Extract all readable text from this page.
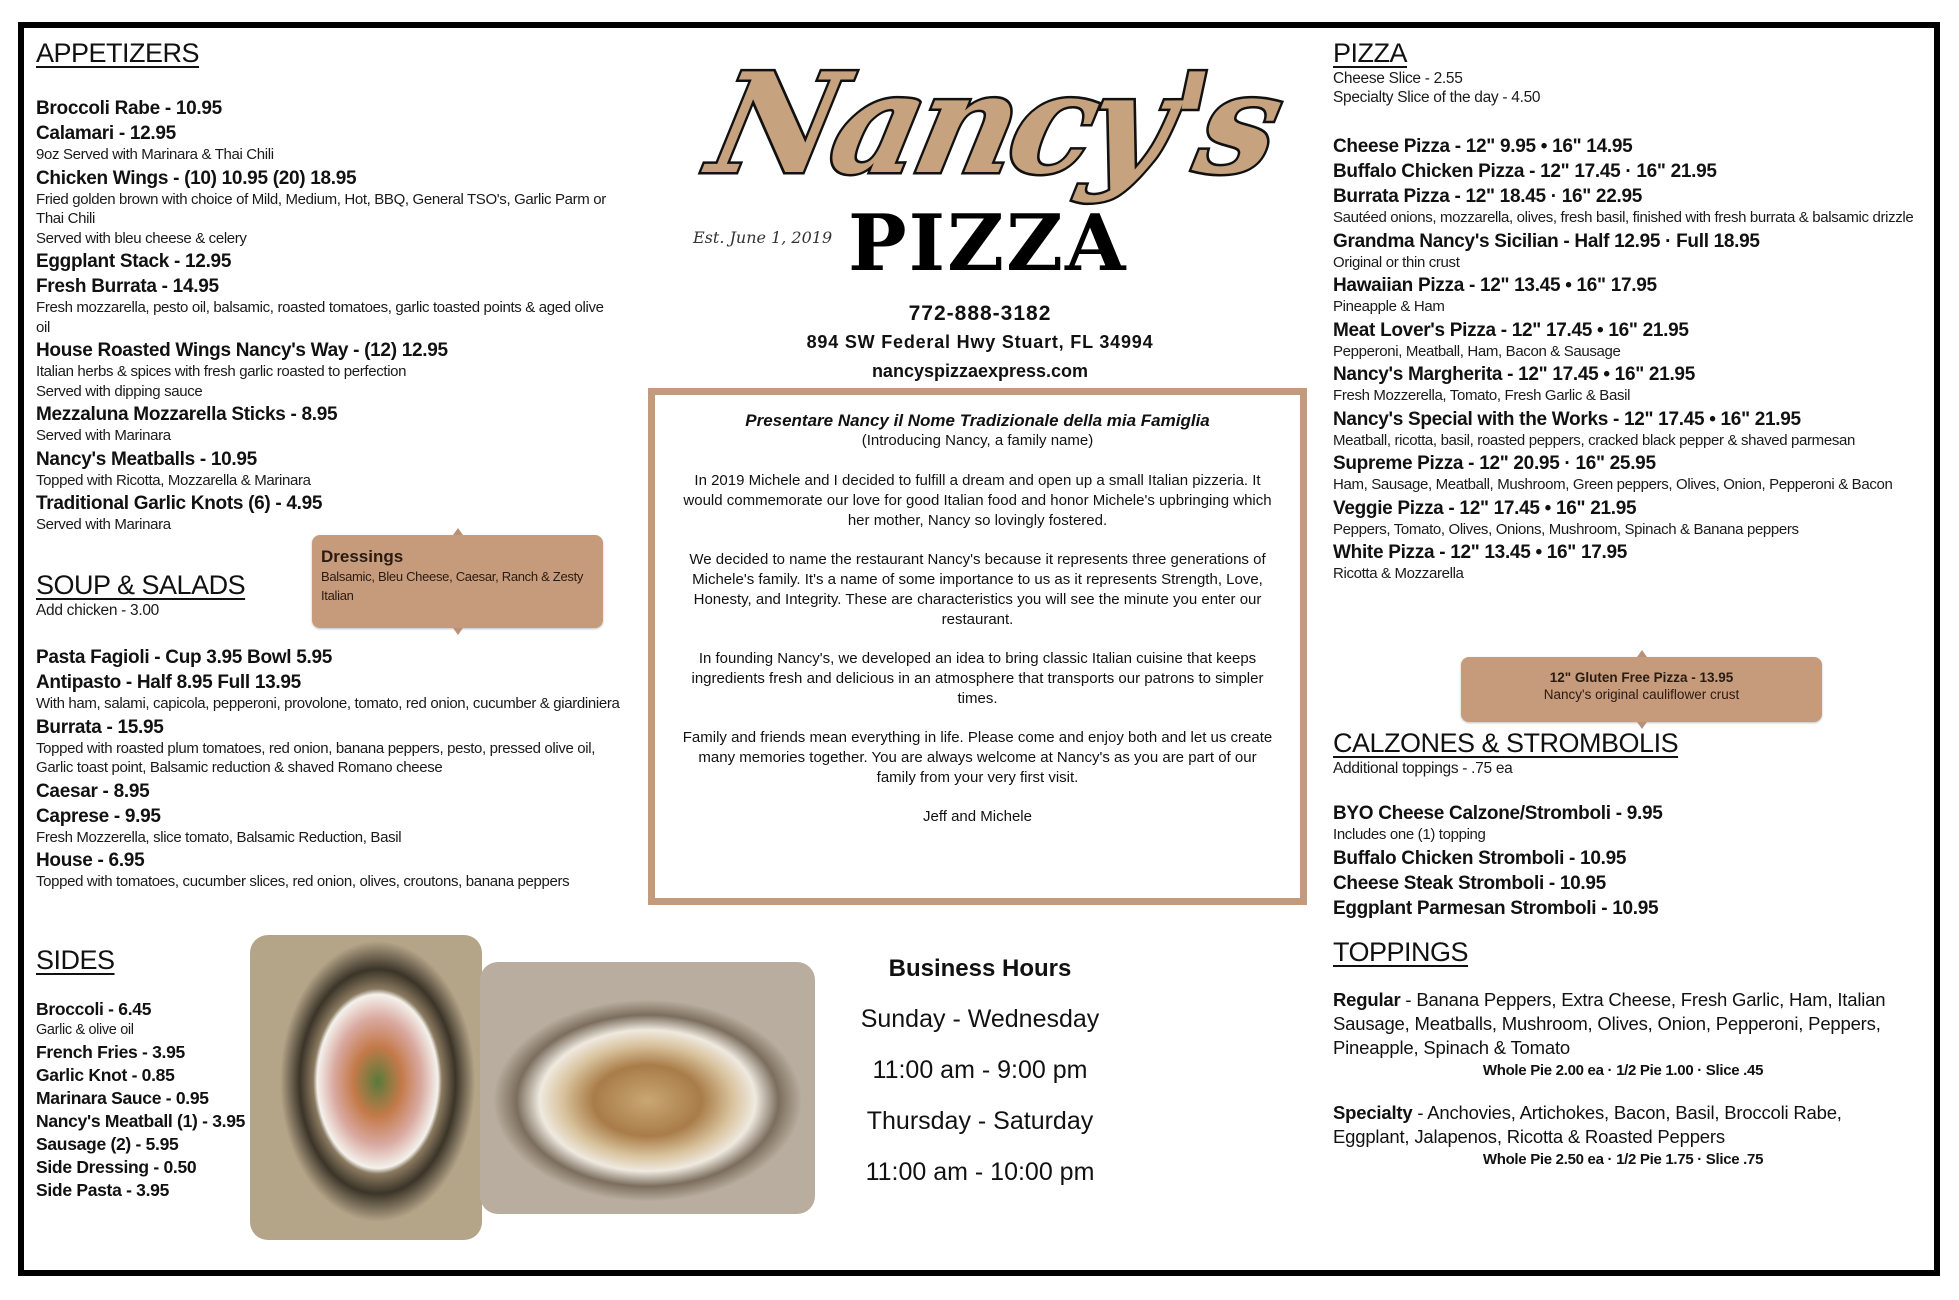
APPETIZERS
Broccoli Rabe - 10.95
Calamari - 12.95
9oz Served with Marinara & Thai Chili
Chicken Wings - (10) 10.95 (20) 18.95
Fried golden brown with choice of Mild, Medium, Hot, BBQ, General TSO's, Garlic Parm or Thai Chili
Served with bleu cheese & celery
Eggplant Stack - 12.95
Fresh Burrata - 14.95
Fresh mozzarella, pesto oil, balsamic, roasted tomatoes, garlic toasted points & aged olive oil
House Roasted Wings Nancy's Way - (12) 12.95
Italian herbs & spices with fresh garlic roasted to perfection
Served with dipping sauce
Mezzaluna Mozzarella Sticks - 8.95
Served with Marinara
Nancy's Meatballs - 10.95
Topped with Ricotta, Mozzarella & Marinara
Traditional Garlic Knots (6) - 4.95
Served with Marinara
Dressings
Balsamic, Bleu Cheese, Caesar, Ranch & Zesty Italian
SOUP & SALADS
Add chicken - 3.00
Pasta Fagioli - Cup 3.95 Bowl 5.95
Antipasto - Half 8.95 Full 13.95
With ham, salami, capicola, pepperoni, provolone, tomato, red onion, cucumber & giardiniera
Burrata - 15.95
Topped with roasted plum tomatoes, red onion, banana peppers, pesto, pressed olive oil, Garlic toast point, Balsamic reduction & shaved Romano cheese
Caesar - 8.95
Caprese - 9.95
Fresh Mozzerella, slice tomato, Balsamic Reduction, Basil
House - 6.95
Topped with tomatoes, cucumber slices, red onion, olives, croutons, banana peppers
SIDES
Broccoli - 6.45
Garlic & olive oil
French Fries - 3.95
Garlic Knot - 0.85
Marinara Sauce - 0.95
Nancy's Meatball (1) - 3.95
Sausage (2) - 5.95
Side Dressing - 0.50
Side Pasta - 3.95
Nancy's
Est. June 1, 2019 PIZZA
772-888-3182
894 SW Federal Hwy Stuart, FL 34994
nancyspizzaexpress.com
Presentare Nancy il Nome Tradizionale della mia Famiglia
(Introducing Nancy, a family name)

In 2019 Michele and I decided to fulfill a dream and open up a small Italian pizzeria. It would commemorate our love for good Italian food and honor Michele's upbringing which her mother, Nancy so lovingly fostered.

We decided to name the restaurant Nancy's because it represents three generations of Michele's family. It's a name of some importance to us as it represents Strength, Love, Honesty, and Integrity. These are characteristics you will see the minute you enter our restaurant.

In founding Nancy's, we developed an idea to bring classic Italian cuisine that keeps ingredients fresh and delicious in an atmosphere that transports our patrons to simpler times.

Family and friends mean everything in life. Please come and enjoy both and let us create many memories together. You are always welcome at Nancy's as you are part of our family from your very first visit.

Jeff and Michele
Business Hours
Sunday - Wednesday
11:00 am - 9:00 pm
Thursday - Saturday
11:00 am - 10:00 pm
PIZZA
Cheese Slice - 2.55
Specialty Slice of the day - 4.50
Cheese Pizza - 12" 9.95 • 16" 14.95
Buffalo Chicken Pizza - 12" 17.45 · 16" 21.95
Burrata Pizza - 12" 18.45 · 16" 22.95
Sautéed onions, mozzarella, olives, fresh basil, finished with fresh burrata & balsamic drizzle
Grandma Nancy's Sicilian - Half 12.95 · Full 18.95
Original or thin crust
Hawaiian Pizza - 12" 13.45 • 16" 17.95
Pineapple & Ham
Meat Lover's Pizza - 12" 17.45 • 16" 21.95
Pepperoni, Meatball, Ham, Bacon & Sausage
Nancy's Margherita - 12" 17.45 • 16" 21.95
Fresh Mozzerella, Tomato, Fresh Garlic & Basil
Nancy's Special with the Works - 12" 17.45 • 16" 21.95
Meatball, ricotta, basil, roasted peppers, cracked black pepper & shaved parmesan
Supreme Pizza - 12" 20.95 · 16" 25.95
Ham, Sausage, Meatball, Mushroom, Green peppers, Olives, Onion, Pepperoni & Bacon
Veggie Pizza - 12" 17.45 • 16" 21.95
Peppers, Tomato, Olives, Onions, Mushroom, Spinach & Banana peppers
White Pizza - 12" 13.45 • 16" 17.95
Ricotta & Mozzarella
12" Gluten Free Pizza - 13.95
Nancy's original cauliflower crust
CALZONES & STROMBOLIS
Additional toppings - .75 ea
BYO Cheese Calzone/Stromboli - 9.95
Includes one (1) topping
Buffalo Chicken Stromboli - 10.95
Cheese Steak Stromboli - 10.95
Eggplant Parmesan Stromboli - 10.95
TOPPINGS
Regular - Banana Peppers, Extra Cheese, Fresh Garlic, Ham, Italian Sausage, Meatballs, Mushroom, Olives, Onion, Pepperoni, Peppers, Pineapple, Spinach & Tomato
Whole Pie 2.00 ea · 1/2 Pie 1.00 · Slice .45
Specialty - Anchovies, Artichokes, Bacon, Basil, Broccoli Rabe, Eggplant, Jalapenos, Ricotta & Roasted Peppers
Whole Pie 2.50 ea · 1/2 Pie 1.75 · Slice .75
